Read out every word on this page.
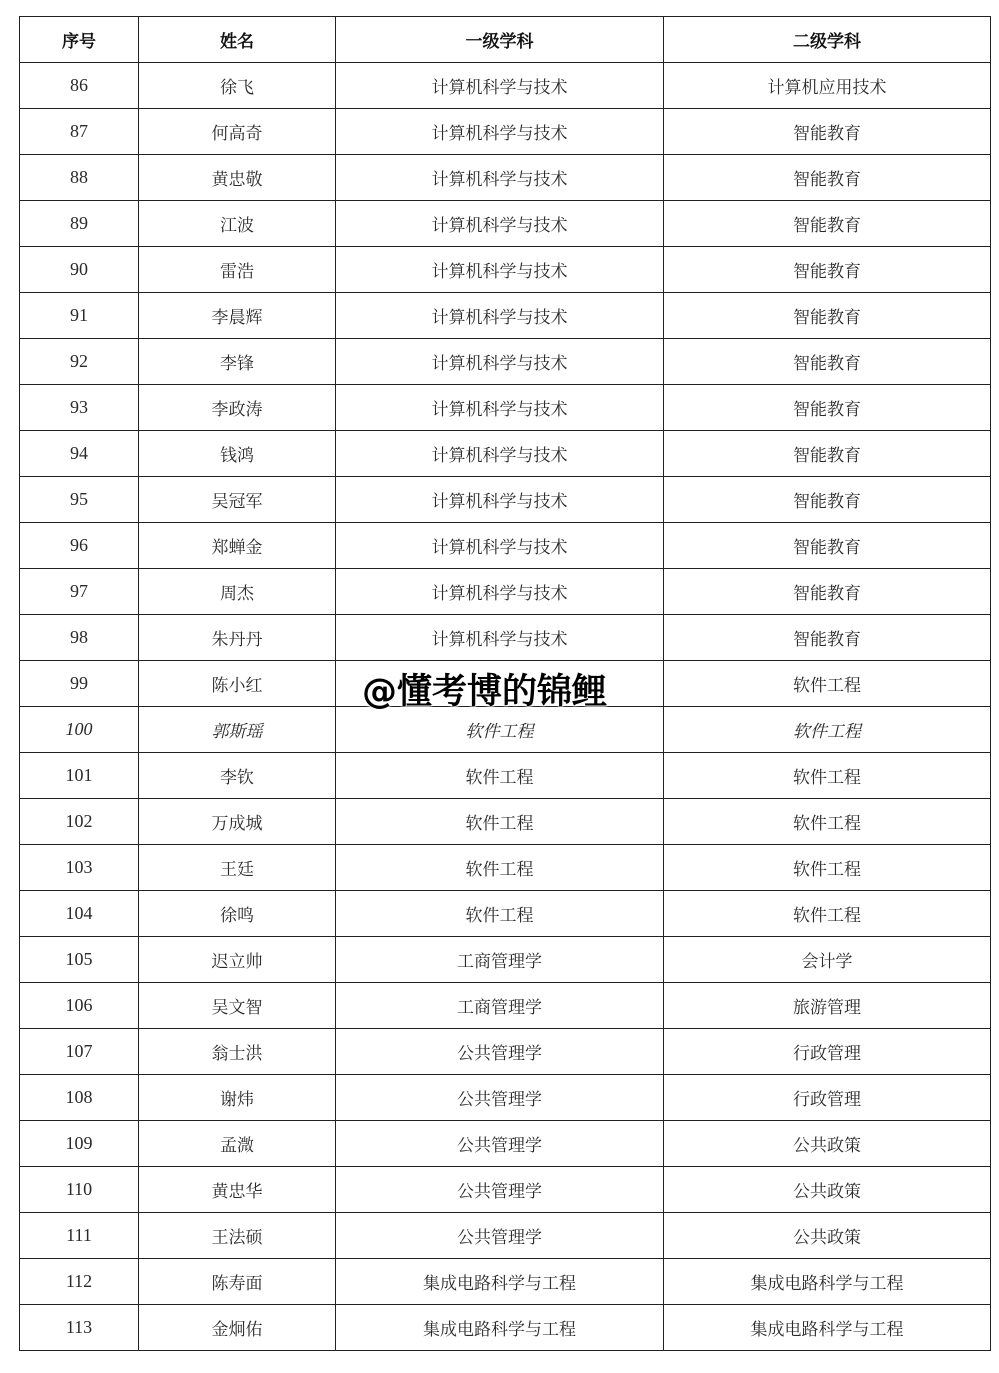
序号	姓名	一级学科	二级学科
86	徐飞	计算机科学与技术	计算机应用技术
87	何高奇	计算机科学与技术	智能教育
88	黄忠敬	计算机科学与技术	智能教育
89	江波	计算机科学与技术	智能教育
90	雷浩	计算机科学与技术	智能教育
91	李晨辉	计算机科学与技术	智能教育
92	李锋	计算机科学与技术	智能教育
93	李政涛	计算机科学与技术	智能教育
94	钱鸿	计算机科学与技术	智能教育
95	吴冠军	计算机科学与技术	智能教育
96	郑蝉金	计算机科学与技术	智能教育
97	周杰	计算机科学与技术	智能教育
98	朱丹丹	计算机科学与技术	智能教育
99	陈小红		软件工程
100	郭斯瑶	软件工程	软件工程
101	李钦	软件工程	软件工程
102	万成城	软件工程	软件工程
103	王廷	软件工程	软件工程
104	徐鸣	软件工程	软件工程
105	迟立帅	工商管理学	会计学
106	吴文智	工商管理学	旅游管理
107	翁士洪	公共管理学	行政管理
108	谢炜	公共管理学	行政管理
109	孟溦	公共管理学	公共政策
110	黄忠华	公共管理学	公共政策
111	王法硕	公共管理学	公共政策
112	陈寿面	集成电路科学与工程	集成电路科学与工程
113	金炯佑	集成电路科学与工程	集成电路科学与工程
@懂考博的锦鲤
